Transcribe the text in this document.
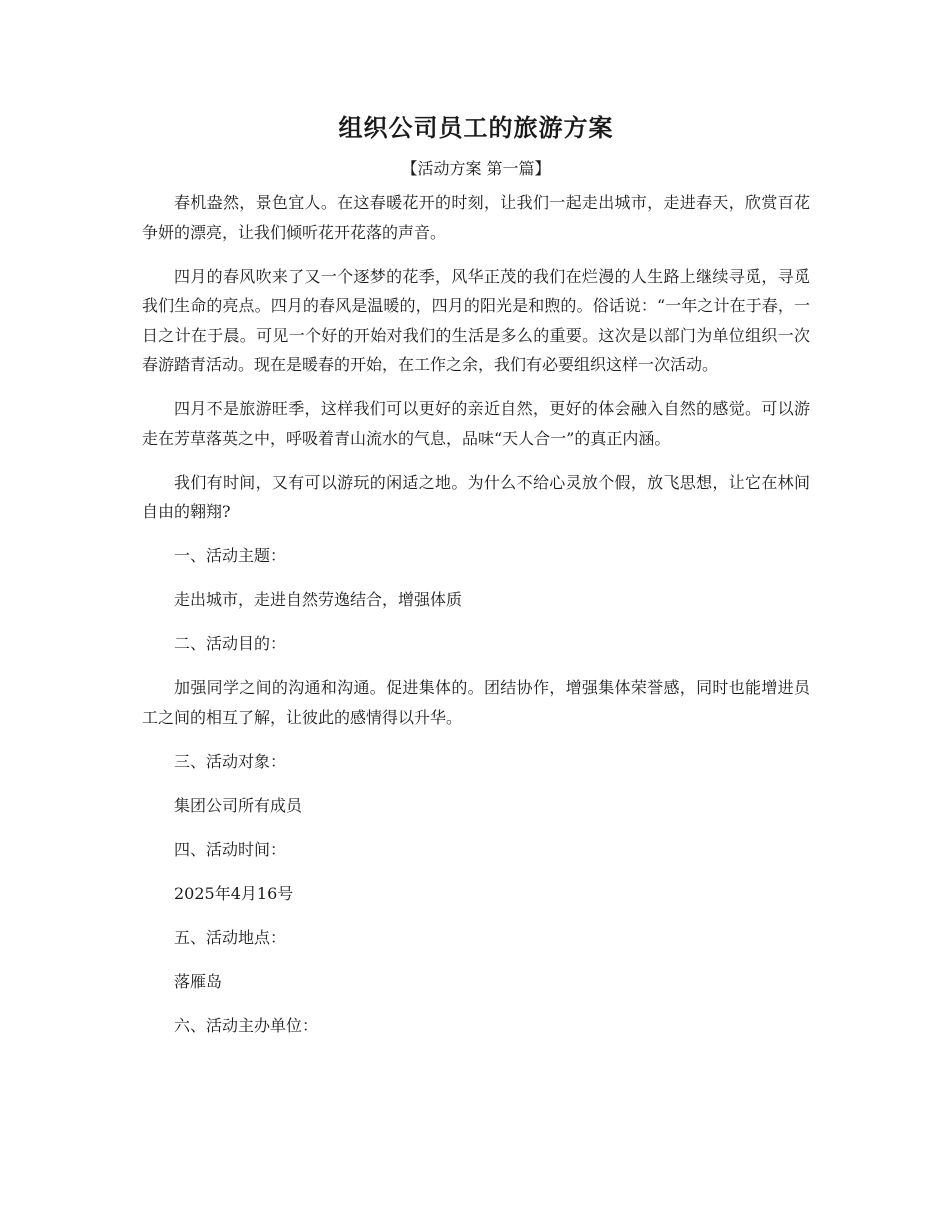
组织公司员工的旅游方案
【活动方案 第一篇】

春机盎然，景色宜人。在这春暖花开的时刻，让我们一起走出城市，走进春天，欣赏百花争妍的漂亮，让我们倾听花开花落的声音。

四月的春风吹来了又一个逐梦的花季，风华正茂的我们在烂漫的人生路上继续寻觅，寻觅我们生命的亮点。四月的春风是温暖的，四月的阳光是和煦的。俗话说：“一年之计在于春，一日之计在于晨。可见一个好的开始对我们的生活是多么的重要。这次是以部门为单位组织一次春游踏青活动。现在是暖春的开始，在工作之余，我们有必要组织这样一次活动。

四月不是旅游旺季，这样我们可以更好的亲近自然，更好的体会融入自然的感觉。可以游走在芳草落英之中，呼吸着青山流水的气息，品味“天人合一”的真正内涵。

我们有时间，又有可以游玩的闲适之地。为什么不给心灵放个假，放飞思想，让它在林间自由的翱翔?

一、活动主题：

走出城市，走进自然劳逸结合，增强体质

二、活动目的：

加强同学之间的沟通和沟通。促进集体的。团结协作，增强集体荣誉感，同时也能增进员工之间的相互了解，让彼此的感情得以升华。

三、活动对象：

集团公司所有成员

四、活动时间：

2025年4月16号

五、活动地点：

落雁岛

六、活动主办单位：
